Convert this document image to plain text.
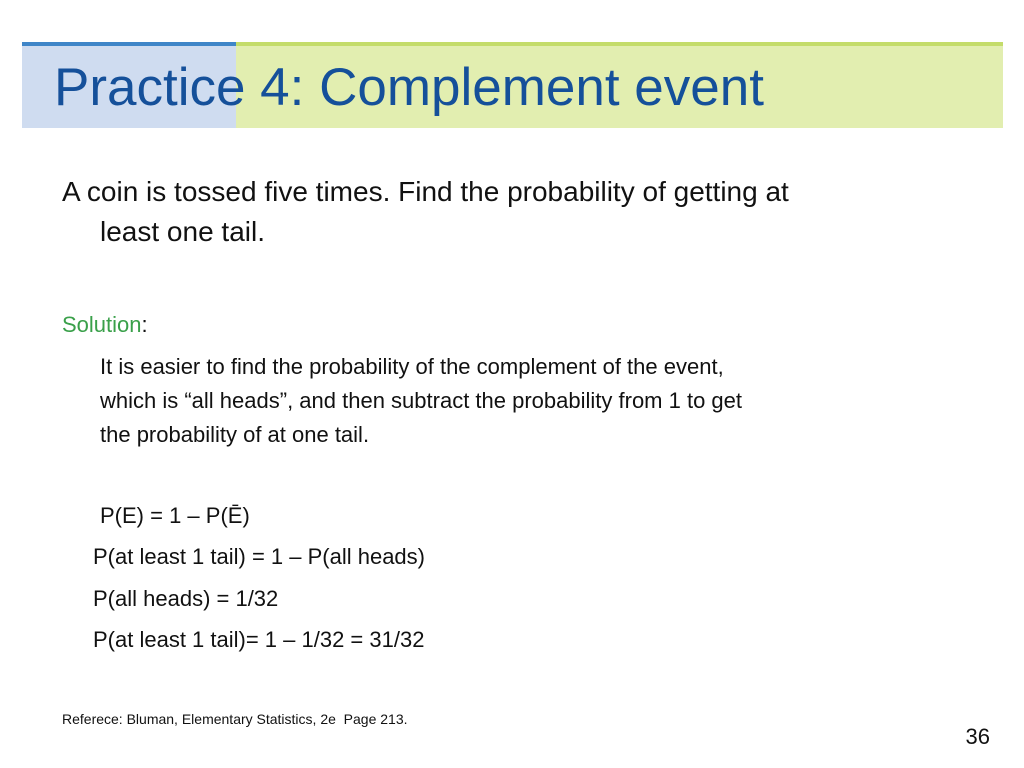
Practice 4: Complement event
A coin is tossed five times. Find the probability of getting at
least one tail.
Solution:
It is easier to find the probability of the complement of the event,
which is “all heads”, and then subtract the probability from 1 to get
the probability of at one tail.
P(E) = 1 – P(Ē)
P(at least 1 tail) = 1 – P(all heads)
P(all heads) = 1/32
P(at least 1 tail)= 1 – 1/32 = 31/32
Referece: Bluman, Elementary Statistics, 2e  Page 213.
36
